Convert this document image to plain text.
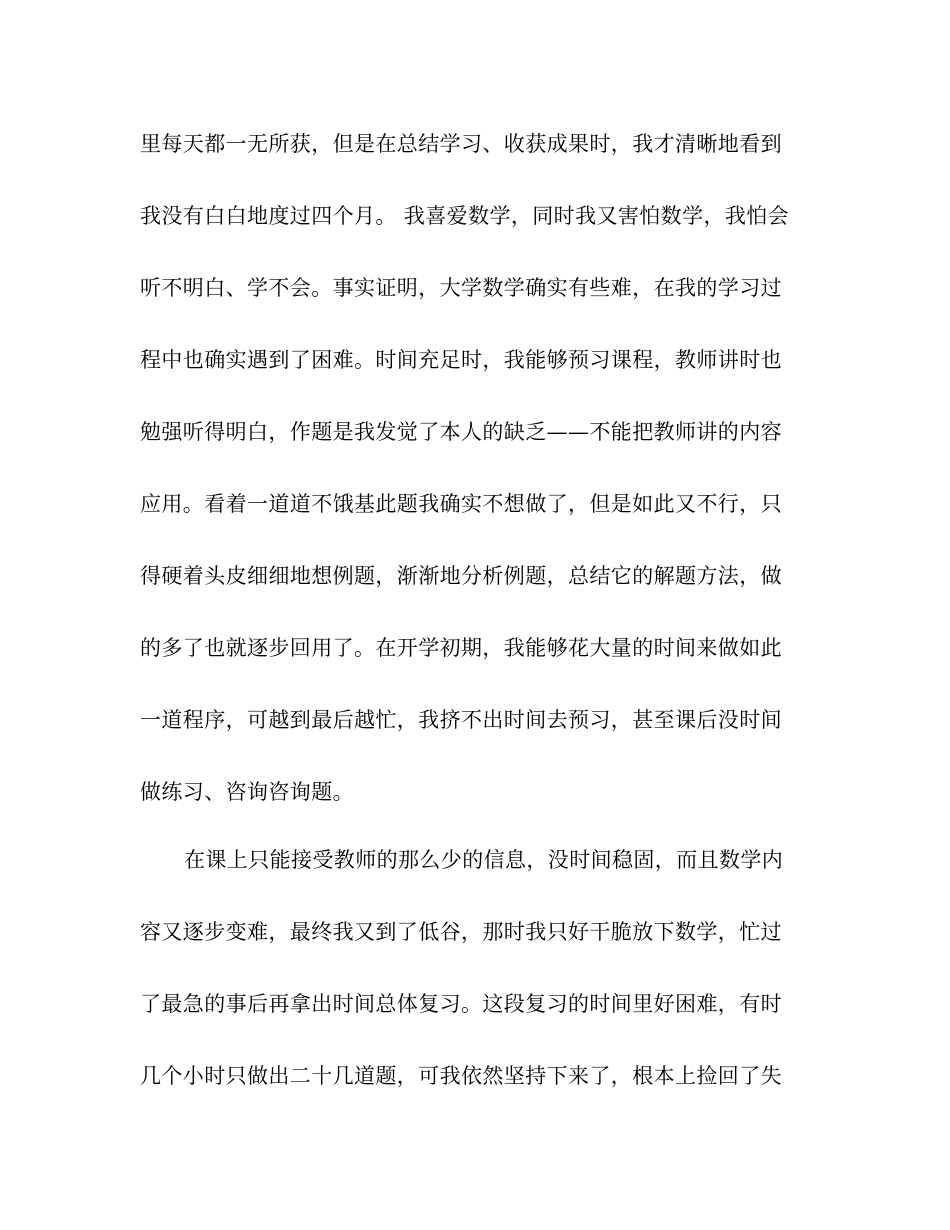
里每天都一无所获，但是在总结学习、收获成果时，我才清晰地看到
我没有白白地度过四个月。 我喜爱数学，同时我又害怕数学，我怕会
听不明白、学不会。事实证明，大学数学确实有些难，在我的学习过
程中也确实遇到了困难。时间充足时，我能够预习课程，教师讲时也
勉强听得明白，作题是我发觉了本人的缺乏——不能把教师讲的内容
应用。看着一道道不饿基此题我确实不想做了，但是如此又不行，只
得硬着头皮细细地想例题，渐渐地分析例题，总结它的解题方法，做
的多了也就逐步回用了。在开学初期，我能够花大量的时间来做如此
一道程序，可越到最后越忙，我挤不出时间去预习，甚至课后没时间
做练习、咨询咨询题。
在课上只能接受教师的那么少的信息，没时间稳固，而且数学内
容又逐步变难，最终我又到了低谷，那时我只好干脆放下数学，忙过
了最急的事后再拿出时间总体复习。这段复习的时间里好困难，有时
几个小时只做出二十几道题，可我依然坚持下来了，根本上捡回了失
